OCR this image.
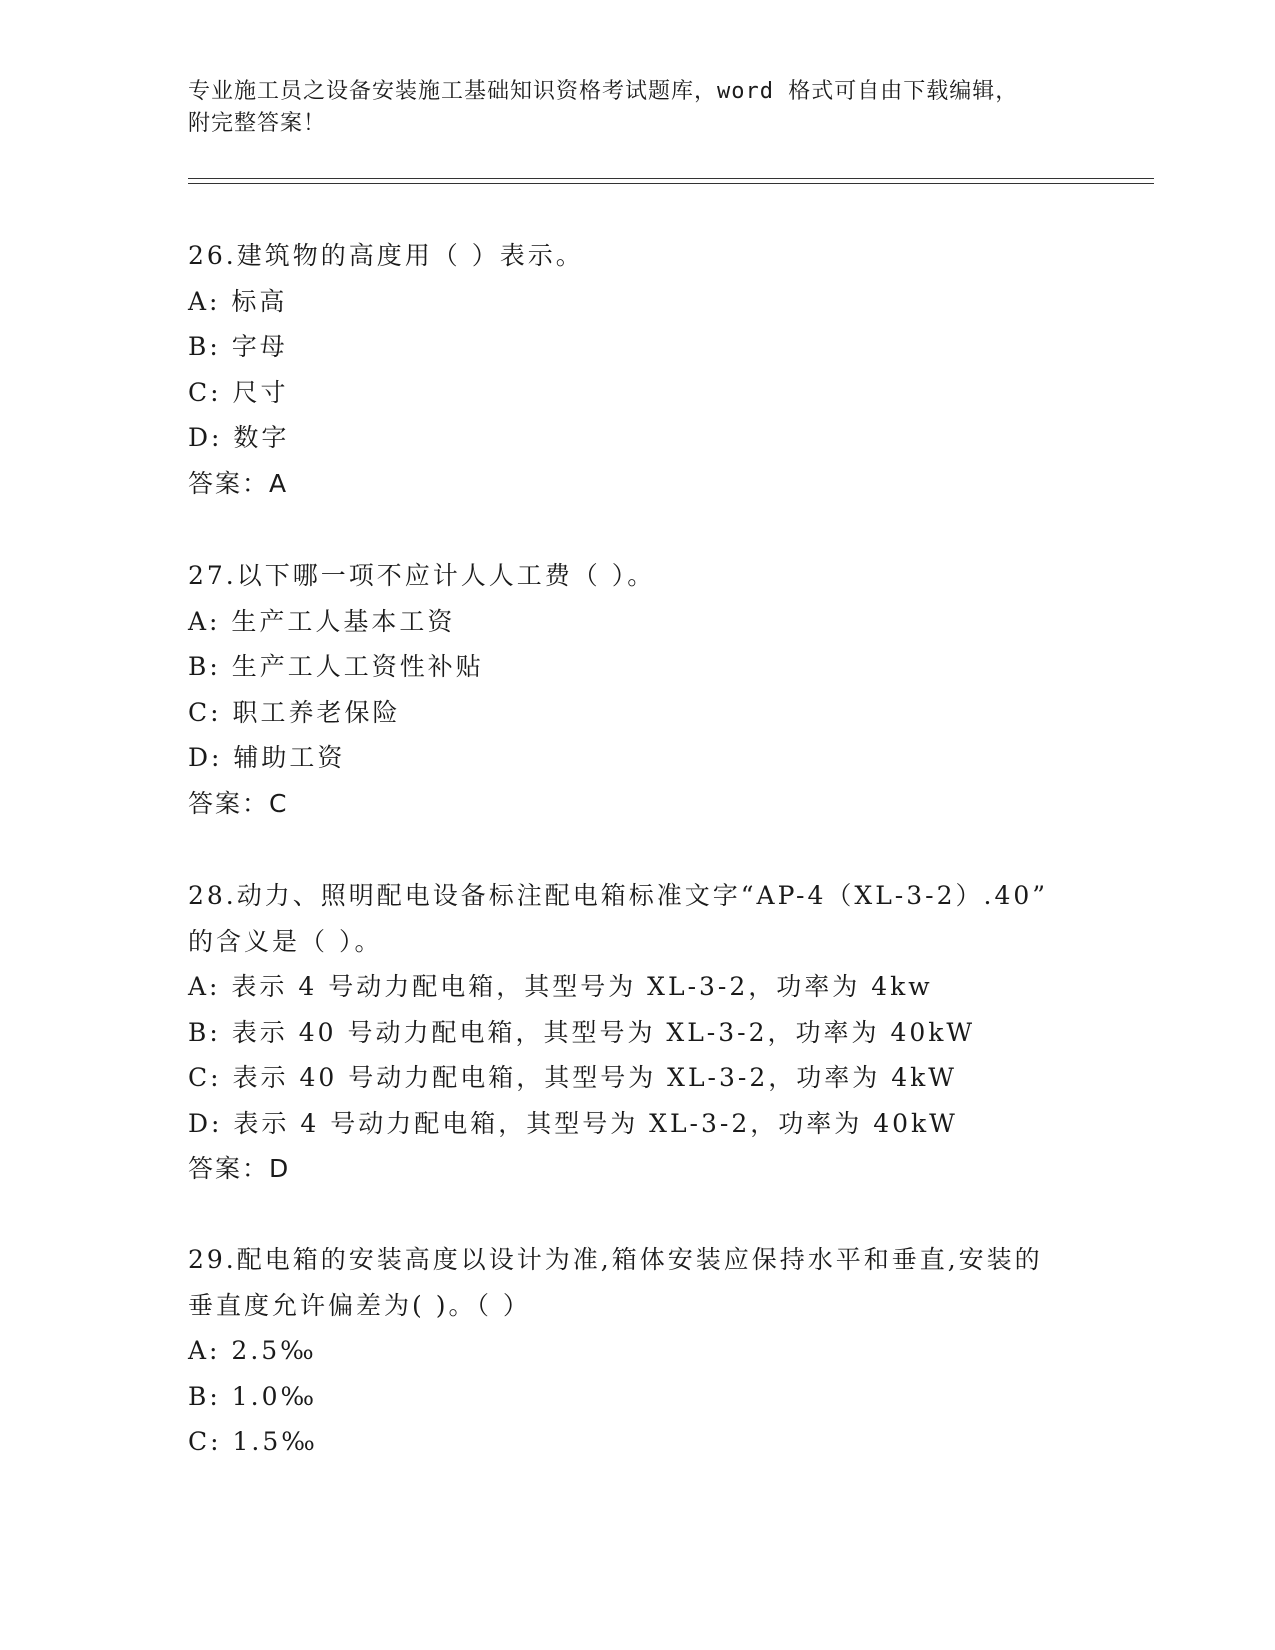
专业施工员之设备安装施工基础知识资格考试题库，word 格式可自由下载编辑，
附完整答案！
26.建筑物的高度用（ ）表示。
A: 标高
B: 字母
C: 尺寸
D: 数字
答案：A
27.以下哪一项不应计人人工费（ ）。
A: 生产工人基本工资
B: 生产工人工资性补贴
C: 职工养老保险
D: 辅助工资
答案：C
28.动力、照明配电设备标注配电箱标准文字“AP-4（XL-3-2）.40”
的含义是（ ）。
A: 表示 4 号动力配电箱，其型号为 XL-3-2，功率为 4kw
B: 表示 40 号动力配电箱，其型号为 XL-3-2，功率为 40kW
C: 表示 40 号动力配电箱，其型号为 XL-3-2，功率为 4kW
D: 表示 4 号动力配电箱，其型号为 XL-3-2，功率为 40kW
答案：D
29.配电箱的安装高度以设计为准,箱体安装应保持水平和垂直,安装的
垂直度允许偏差为( )。（ ）
A: 2.5‰
B: 1.0‰
C: 1.5‰
